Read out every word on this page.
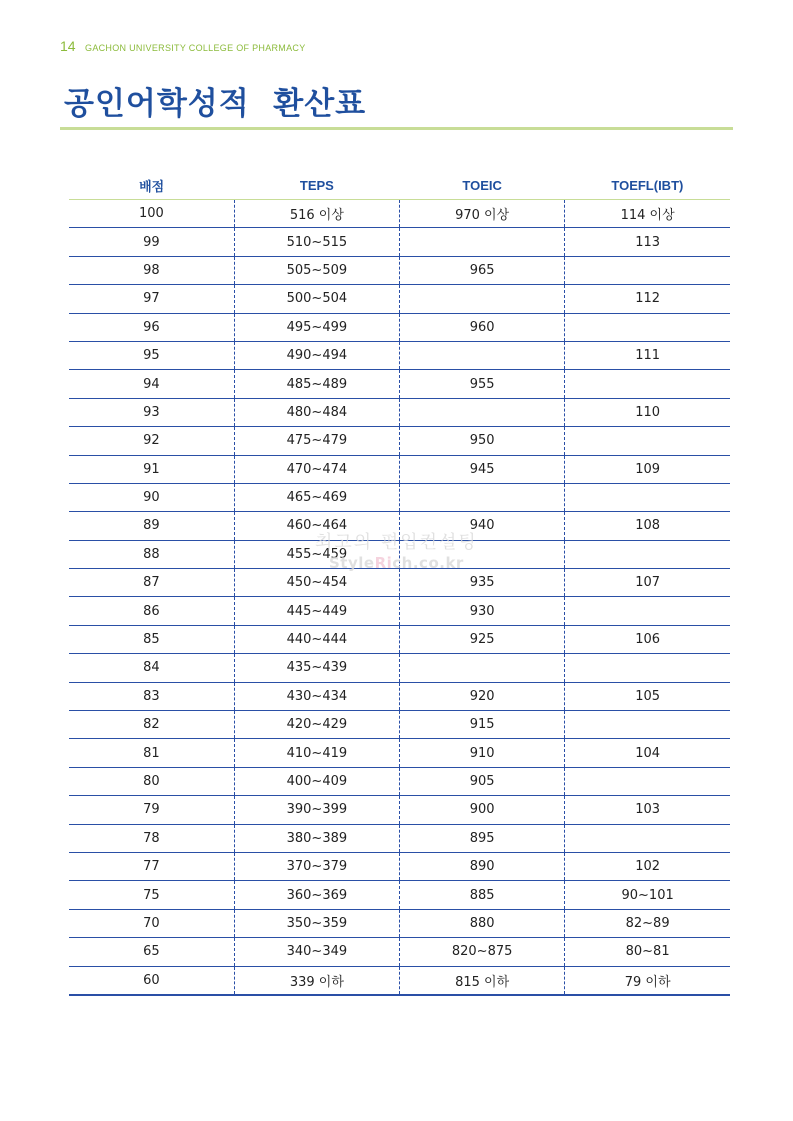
14 GACHON UNIVERSITY COLLEGE OF PHARMACY
공인어학성적  환산표
배점	TEPS	TOEIC	TOEFL(IBT)
100	516 이상	970 이상	114 이상
99	510~515		113
98	505~509	965	
97	500~504		112
96	495~499	960	
95	490~494		111
94	485~489	955	
93	480~484		110
92	475~479	950	
91	470~474	945	109
90	465~469		
89	460~464	940	108
88	455~459		
87	450~454	935	107
86	445~449	930	
85	440~444	925	106
84	435~439		
83	430~434	920	105
82	420~429	915	
81	410~419	910	104
80	400~409	905	
79	390~399	900	103
78	380~389	895	
77	370~379	890	102
75	360~369	885	90~101
70	350~359	880	82~89
65	340~349	820~875	80~81
60	339 이하	815 이하	79 이하
최고의 편입컨설팅
StyleRich.co.kr
